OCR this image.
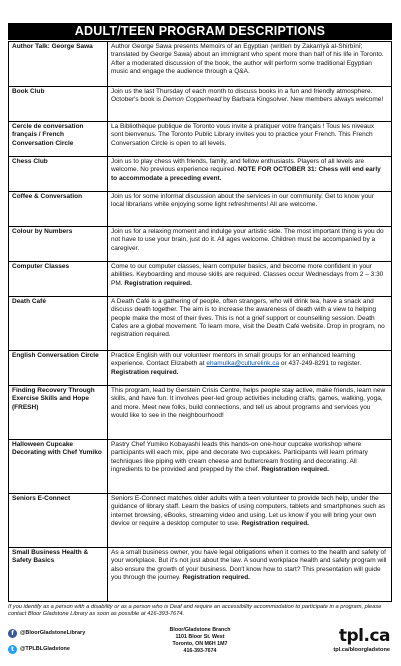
ADULT/TEEN PROGRAM DESCRIPTIONS
Author Talk: George Sawa	Author George Sawa presents Memoirs of an Egyptian (written by Zakarriyā al-Shirbīnī; translated by George Sawa) about an immigrant who spent more than half of his life in Toronto. After a moderated discussion of the book, the author will perform some traditional Egyptian music and engage the audience through a Q&A.
Book Club	Join us the last Thursday of each month to discuss books in a fun and friendly atmosphere. October's book is Demon Copperhead by Barbara Kingsolver. New members always welcome!
Cercle de conversation français / French Conversation Circle	La Bibliothèque publique de Toronto vous invite à pratiquer votre français ! Tous les niveaux sont bienvenus. The Toronto Public Library invites you to practice your French. This French Conversation Circle is open to all levels.
Chess Club	Join us to play chess with friends, family, and fellow enthusiasts. Players of all levels are welcome. No previous experience required. NOTE FOR OCTOBER 31: Chess will end early to accommodate a preceding event.
Coffee & Conversation	Join us for some informal discussion about the services in our community. Get to know your local librarians while enjoying some light refreshments! All are welcome.
Colour by Numbers	Join us for a relaxing moment and indulge your artistic side. The most important thing is you do not have to use your brain, just do it. All ages welcome. Children must be accompanied by a caregiver.
Computer Classes	Come to our computer classes, learn computer basics, and become more confident in your abilities. Keyboarding and mouse skills are required. Classes occur Wednesdays from 2 – 3:30 PM. Registration required.
Death Café	A Death Café is a gathering of people, often strangers, who will drink tea, have a snack and discuss death together. The aim is to increase the awareness of death with a view to helping people make the most of their lives. This is not a grief support or counselling session. Death Cafes are a global movement. To learn more, visit the Death Café website. Drop in program, no registration required.
English Conversation Circle	Practice English with our volunteer mentors in small groups for an enhanced learning experience. Contact Elizabeth at ehamulka@culturelink.ca or 437-249-8291 to register. Registration required.
Finding Recovery Through Exercise Skills and Hope (FRESH)	This program, lead by Gerstein Crisis Centre, helps people stay active, make friends, learn new skills, and have fun. It involves peer-led group activities including crafts, games, walking, yoga, and more. Meet new folks, build connections, and tell us about programs and services you would like to see in the neighbourhood!
Halloween Cupcake Decorating with Chef Yumiko	Pastry Chef Yumiko Kobayashi leads this hands-on one-hour cupcake workshop where participants will each mix, pipe and decorate two cupcakes. Participants will learn primary techniques like piping with cream cheese and buttercream frosting and decorating. All ingredients to be provided and prepped by the chef. Registration required.
Seniors E-Connect	Seniors E-Connect matches older adults with a teen volunteer to provide tech help, under the guidance of library staff. Learn the basics of using computers, tablets and smartphones such as internet browsing, eBooks, streaming video and using. Let us know if you will bring your own device or require a desktop computer to use. Registration required.
Small Business Health & Safety Basics	As a small business owner, you have legal obligations when it comes to the health and safety of your workplace. But it's not just about the law. A sound workplace health and safety program will also ensure the growth of your business. Don't know how to start? This presentation will guide you through the journey. Registration required.
If you identify as a person with a disability or as a person who is Deaf and require an accessibility accommodation to participate in a program, please contact Bloor Gladstone Library as soon as possible at 416-393-7674.
f	@BloorGladstoneLibrary
t	@TPLBLGladstone
Bloor/Gladstone Branch
1101 Bloor St. West
Toronto, ON M6H 1M7
416-393-7674
tpl.ca
tpl.ca/bloorgladstone
